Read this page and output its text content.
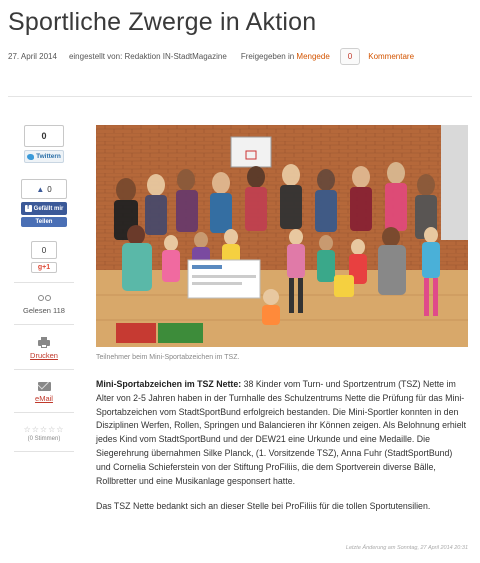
Sportliche Zwerge in Aktion
27. April 2014 eingestellt von: Redaktion IN-StadtMagazine Freigegeben in
Mengede	0	Kommentare
0
Twittern
▲ 0
f Gefällt mir
Teilen
0
g+1
Gelesen 118
Drucken
eMail
☆☆☆☆☆
(0 Stimmen)
Teilnehmer beim Mini-Sportabzeichen im TSZ.

Mini-Sportabzeichen im TSZ Nette: 38 Kinder vom Turn- und Sportzentrum (TSZ) Nette im Alter von 2-5 Jahren haben in der Turnhalle des Schulzentrums Nette die Prüfung für das Mini-Sportabzeichen vom StadtSportBund erfolgreich bestanden. Die Mini-Sportler konnten in den Disziplinen Werfen, Rollen, Springen und Balancieren ihr Können zeigen. Als Belohnung erhielt jedes Kind vom StadtSportBund und der DEW21 eine Urkunde und eine Medaille. Die Siegerehrung übernahmen Silke Planck, (1. Vorsitzende TSZ), Anna Fuhr (StadtSportBund) und Cornelia Schieferstein von der Stiftung ProFiliis, die dem Sportverein diverse Bälle, Rollbretter und eine Musikanlage gesponsert hatte.

Das TSZ Nette bedankt sich an dieser Stelle bei ProFiliis für die tollen Sportutensilien.

Letzte Änderung am Sonntag, 27 April 2014 20:31
